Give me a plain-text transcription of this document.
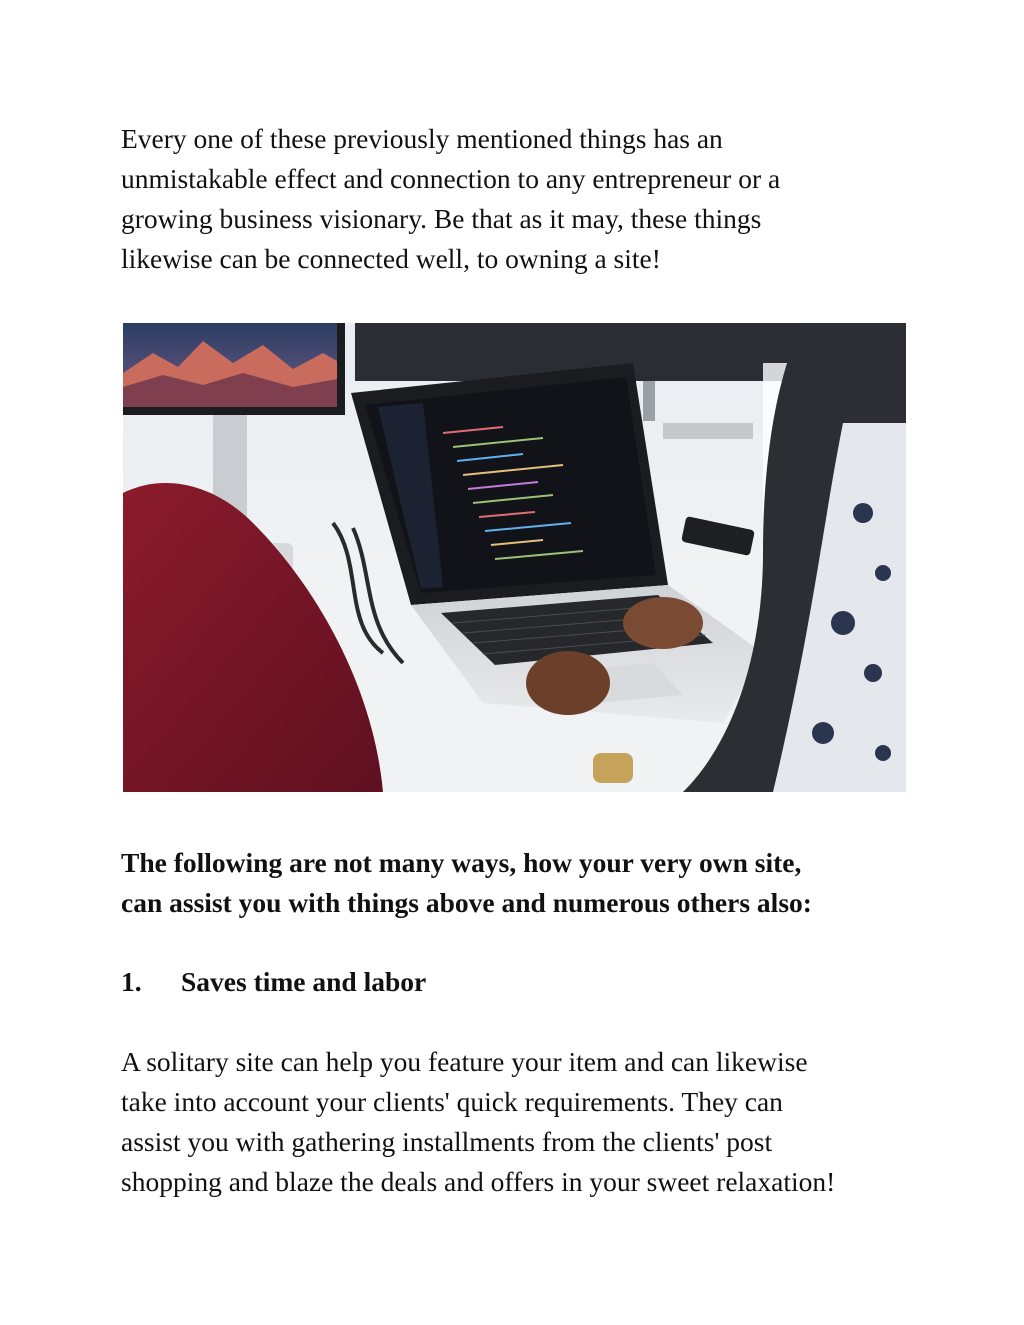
Every one of these previously mentioned things has an
unmistakable effect and connection to any entrepreneur or a
growing business visionary. Be that as it may, these things
likewise can be connected well, to owning a site!

The following are not many ways, how your very own site,
can assist you with things above and numerous others also:
1. Saves time and labor

A solitary site can help you feature your item and can likewise
take into account your clients' quick requirements. They can
assist you with gathering installments from the clients' post
shopping and blaze the deals and offers in your sweet relaxation!
